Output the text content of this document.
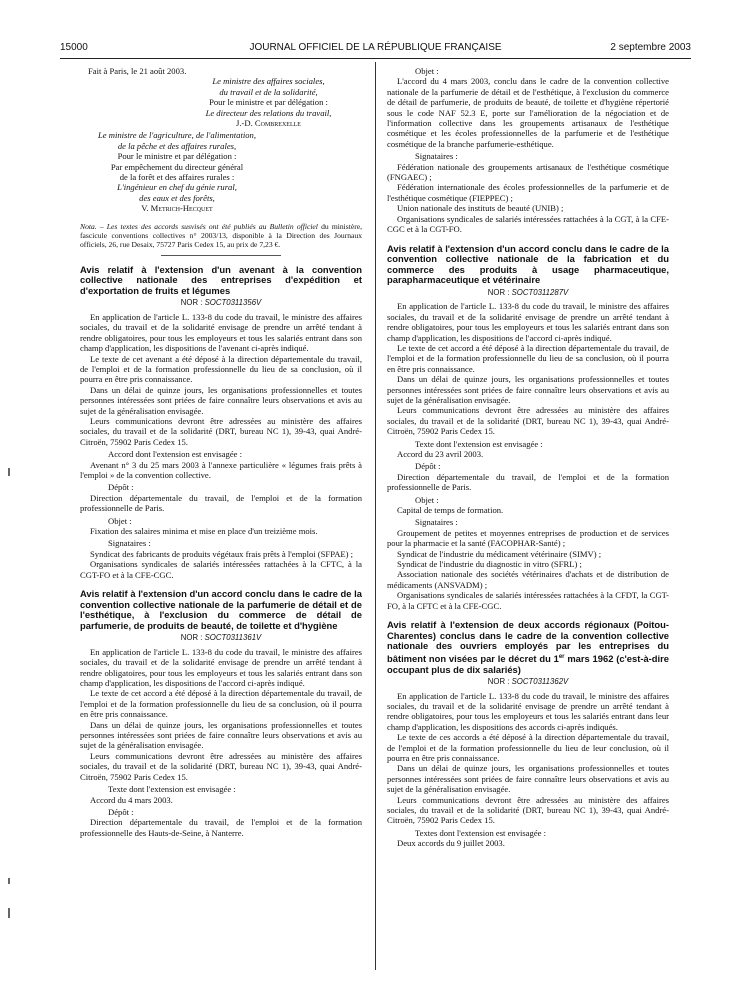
15000	JOURNAL OFFICIEL DE LA RÉPUBLIQUE FRANÇAISE	2 septembre 2003

Fait à Paris, le 21 août 2003.

Le ministre des affaires sociales,

du travail et de la solidarité,

Pour le ministre et par délégation :

Le directeur des relations du travail,

J.-D. Combrexelle

Le ministre de l'agriculture, de l'alimentation,

de la pêche et des affaires rurales,

Pour le ministre et par délégation :

Par empêchement du directeur général

de la forêt et des affaires rurales :

L'ingénieur en chef du génie rural,

des eaux et des forêts,

V. Metrich-Hecquet

Nota. – Les textes des accords susvisés ont été publiés au Bulletin officiel du ministère, fascicule conventions collectives n° 2003/13, disponible à la Direction des Journaux officiels, 26, rue Desaix, 75727 Paris Cedex 15, au prix de 7,23 €.

Avis relatif à l'extension d'un avenant à la convention collective nationale des entreprises d'expédition et d'exportation de fruits et légumes

NOR : SOCT0311356V

En application de l'article L. 133-8 du code du travail, le ministre des affaires sociales, du travail et de la solidarité envisage de prendre un arrêté tendant à rendre obligatoires, pour tous les employeurs et tous les salariés entrant dans son champ d'application, les dispositions de l'avenant ci-après indiqué.

Le texte de cet avenant a été déposé à la direction départementale du travail, de l'emploi et de la formation professionnelle du lieu de sa conclusion, où il pourra en être pris connaissance.

Dans un délai de quinze jours, les organisations professionnelles et toutes personnes intéressées sont priées de faire connaître leurs observations et avis au sujet de la généralisation envisagée.

Leurs communications devront être adressées au ministère des affaires sociales, du travail et de la solidarité (DRT, bureau NC 1), 39-43, quai André-Citroën, 75902 Paris Cedex 15.

Accord dont l'extension est envisagée :

Avenant n° 3 du 25 mars 2003 à l'annexe particulière « légumes frais prêts à l'emploi » de la convention collective.

Dépôt :

Direction départementale du travail, de l'emploi et de la formation professionnelle de Paris.

Objet :

Fixation des salaires minima et mise en place d'un treizième mois.

Signataires :

Syndicat des fabricants de produits végétaux frais prêts à l'emploi (SFPAE) ;

Organisations syndicales de salariés intéressées rattachées à la CFTC, à la CGT-FO et à la CFE-CGC.

Avis relatif à l'extension d'un accord conclu dans le cadre de la convention collective nationale de la parfumerie de détail et de l'esthétique, à l'exclusion du commerce de détail de parfumerie, de produits de beauté, de toilette et d'hygiène

NOR : SOCT0311361V

En application de l'article L. 133-8 du code du travail, le ministre des affaires sociales, du travail et de la solidarité envisage de prendre un arrêté tendant à rendre obligatoires, pour tous les employeurs et tous les salariés entrant dans son champ d'application, les dispositions de l'accord ci-après indiqué.

Le texte de cet accord a été déposé à la direction départementale du travail, de l'emploi et de la formation professionnelle du lieu de sa conclusion, où il pourra en être pris connaissance.

Dans un délai de quinze jours, les organisations professionnelles et toutes personnes intéressées sont priées de faire connaître leurs observations et avis au sujet de la généralisation envisagée.

Leurs communications devront être adressées au ministère des affaires sociales, du travail et de la solidarité (DRT, bureau NC 1), 39-43, quai André-Citroën, 75902 Paris Cedex 15.

Texte dont l'extension est envisagée :

Accord du 4 mars 2003.

Dépôt :

Direction départementale du travail, de l'emploi et de la formation professionnelle des Hauts-de-Seine, à Nanterre.

Objet :

L'accord du 4 mars 2003, conclu dans le cadre de la convention collective nationale de la parfumerie de détail et de l'esthétique, à l'exclusion du commerce de détail de parfumerie, de produits de beauté, de toilette et d'hygiène répertorié sous le code NAF 52.3 E, porte sur l'amélioration de la négociation et de l'information collective dans les groupements artisanaux de l'esthétique cosmétique et les écoles professionnelles de la parfumerie et de l'esthétique cosmétique de la branche parfumerie-esthétique.

Signataires :

Fédération nationale des groupements artisanaux de l'esthétique cosmétique (FNGAEC) ;

Fédération internationale des écoles professionnelles de la parfumerie et de l'esthétique cosmétique (FIEPPEC) ;

Union nationale des instituts de beauté (UNIB) ;

Organisations syndicales de salariés intéressées rattachées à la CGT, à la CFE-CGC et à la CGT-FO.

Avis relatif à l'extension d'un accord conclu dans le cadre de la convention collective nationale de la fabrication et du commerce des produits à usage pharmaceutique, parapharmaceutique et vétérinaire

NOR : SOCT0311287V

En application de l'article L. 133-8 du code du travail, le ministre des affaires sociales, du travail et de la solidarité envisage de prendre un arrêté tendant à rendre obligatoires, pour tous les employeurs et tous les salariés entrant dans son champ d'application, les dispositions de l'accord ci-après indiqué.

Le texte de cet accord a été déposé à la direction départementale du travail, de l'emploi et de la formation professionnelle du lieu de sa conclusion, où il pourra en être pris connaissance.

Dans un délai de quinze jours, les organisations professionnelles et toutes personnes intéressées sont priées de faire connaître leurs observations et avis au sujet de la généralisation envisagée.

Leurs communications devront être adressées au ministère des affaires sociales, du travail et de la solidarité (DRT, bureau NC 1), 39-43, quai André-Citroën, 75902 Paris Cedex 15.

Texte dont l'extension est envisagée :

Accord du 23 avril 2003.

Dépôt :

Direction départementale du travail, de l'emploi et de la formation professionnelle de Paris.

Objet :

Capital de temps de formation.

Signataires :

Groupement de petites et moyennes entreprises de production et de services pour la pharmacie et la santé (FACOPHAR-Santé) ;

Syndicat de l'industrie du médicament vétérinaire (SIMV) ;

Syndicat de l'industrie du diagnostic in vitro (SFRL) ;

Association nationale des sociétés vétérinaires d'achats et de distribution de médicaments (ANSVADM) ;

Organisations syndicales de salariés intéressées rattachées à la CFDT, la CGT-FO, à la CFTC et à la CFE-CGC.

Avis relatif à l'extension de deux accords régionaux (Poitou-Charentes) conclus dans le cadre de la convention collective nationale des ouvriers employés par les entreprises du bâtiment non visées par le décret du 1er mars 1962 (c'est-à-dire occupant plus de dix salariés)

NOR : SOCT0311362V

En application de l'article L. 133-8 du code du travail, le ministre des affaires sociales, du travail et de la solidarité envisage de prendre un arrêté tendant à rendre obligatoires, pour tous les employeurs et tous les salariés entrant dans leur champ d'application, les dispositions des accords ci-après indiqués.

Le texte de ces accords a été déposé à la direction départementale du travail, de l'emploi et de la formation professionnelle du lieu de leur conclusion, où il pourra en être pris connaissance.

Dans un délai de quinze jours, les organisations professionnelles et toutes personnes intéressées sont priées de faire connaître leurs observations et avis au sujet de la généralisation envisagée.

Leurs communications devront être adressées au ministère des affaires sociales, du travail et de la solidarité (DRT, bureau NC 1), 39-43, quai André-Citroën, 75902 Paris Cedex 15.

Textes dont l'extension est envisagée :

Deux accords du 9 juillet 2003.
